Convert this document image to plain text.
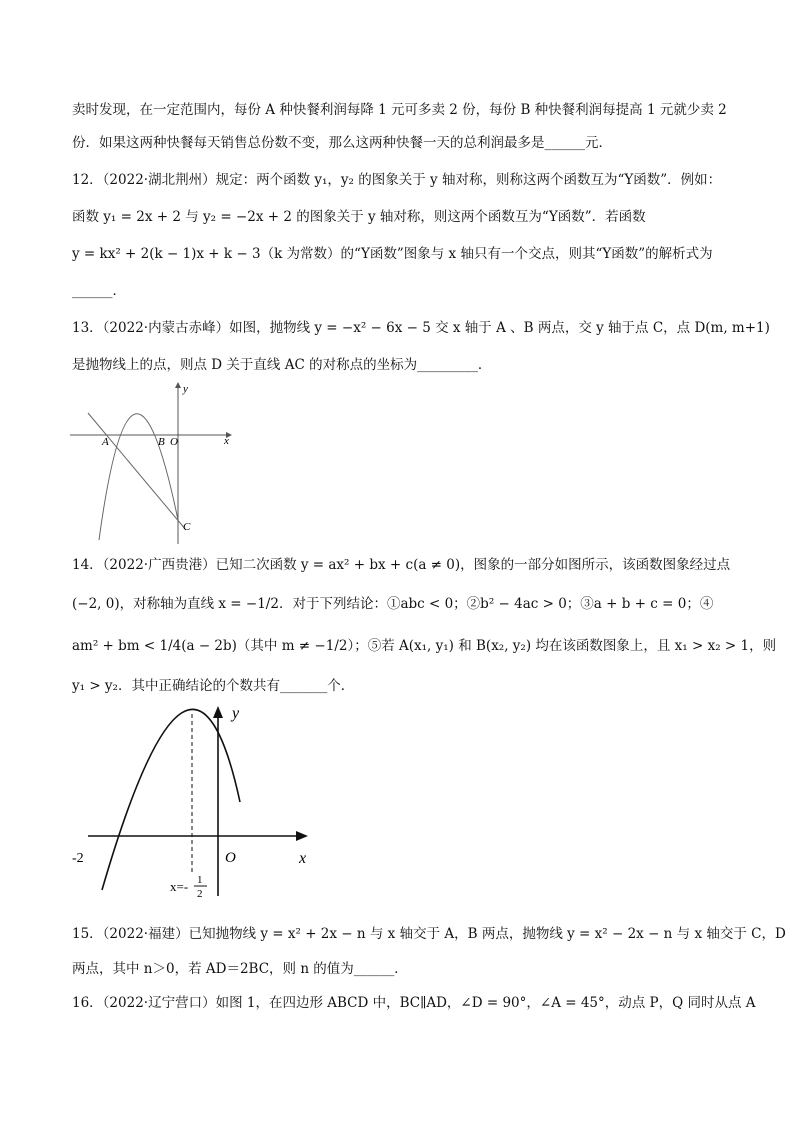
卖时发现，在一定范围内，每份 A 种快餐利润每降 1 元可多卖 2 份，每份 B 种快餐利润每提高 1 元就少卖 2
份．如果这两种快餐每天销售总份数不变，那么这两种快餐一天的总利润最多是______元．
12．（2022·湖北荆州）规定：两个函数 y₁，y₂ 的图象关于 y 轴对称，则称这两个函数互为“Y函数”．例如：
函数 y₁ = 2x + 2 与 y₂ = −2x + 2 的图象关于 y 轴对称，则这两个函数互为“Y函数”．若函数
y = kx² + 2(k − 1)x + k − 3（k 为常数）的“Y函数”图象与 x 轴只有一个交点，则其“Y函数”的解析式为
______．
13．（2022·内蒙古赤峰）如图，抛物线 y = −x² − 6x − 5 交 x 轴于 A 、B 两点，交 y 轴于点 C，点 D(m, m+1)
是抛物线上的点，则点 D 关于直线 AC 的对称点的坐标为_________．
y
x
A	B O
C
14．（2022·广西贵港）已知二次函数 y = ax² + bx + c(a ≠ 0)，图象的一部分如图所示，该函数图象经过点
(−2, 0)，对称轴为直线 x = −1/2．对于下列结论：①abc < 0；②b² − 4ac > 0；③a + b + c = 0；④
am² + bm < 1/4(a − 2b)（其中 m ≠ −1/2）；⑤若 A(x₁, y₁) 和 B(x₂, y₂) 均在该函数图象上，且 x₁ > x₂ > 1，则
y₁ > y₂．其中正确结论的个数共有_______个．
y
x
O
-2
x=- 1
2
15．（2022·福建）已知抛物线 y = x² + 2x − n 与 x 轴交于 A，B 两点，抛物线 y = x² − 2x − n 与 x 轴交于 C，D
两点，其中 n＞0，若 AD＝2BC，则 n 的值为______．
16．（2022·辽宁营口）如图 1，在四边形 ABCD 中，BC∥AD，∠D = 90°，∠A = 45°，动点 P，Q 同时从点 A
